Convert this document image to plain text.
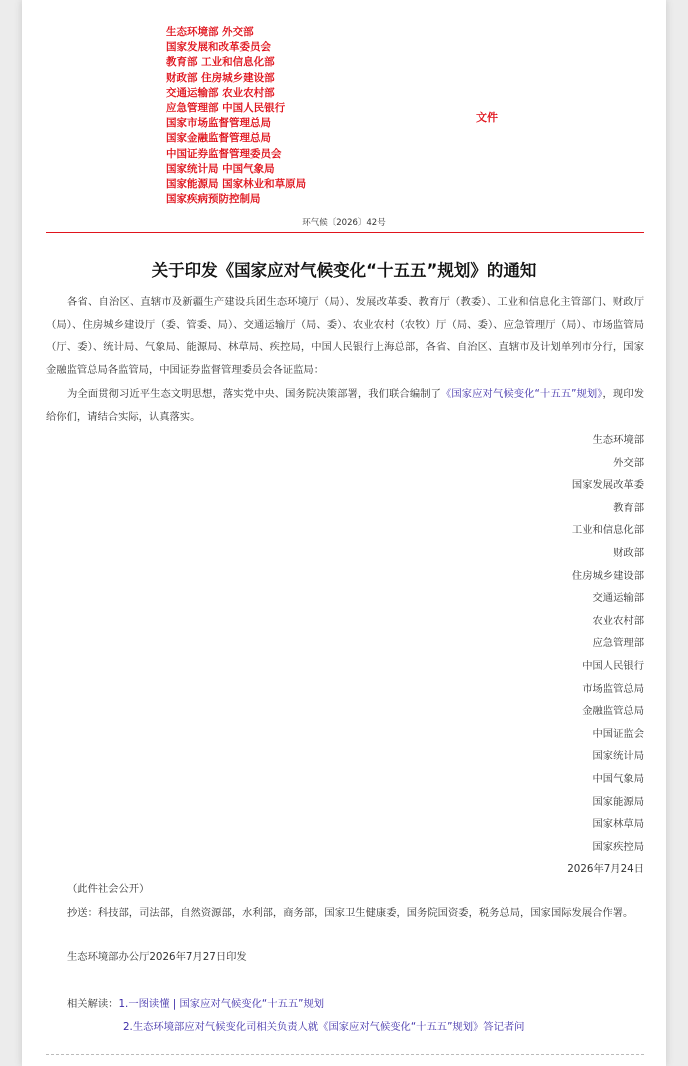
生态环境部 外交部
国家发展和改革委员会
教育部 工业和信息化部
财政部 住房城乡建设部
交通运输部 农业农村部
应急管理部 中国人民银行
国家市场监督管理总局
国家金融监督管理总局
中国证券监督管理委员会
国家统计局 中国气象局
国家能源局 国家林业和草原局
国家疾病预防控制局
文件
环气候〔2026〕42号
关于印发《国家应对气候变化“十五五”规划》的通知
各省、自治区、直辖市及新疆生产建设兵团生态环境厅（局）、发展改革委、教育厅（教委）、工业和信息化主管部门、财政厅（局）、住房城乡建设厅（委、管委、局）、交通运输厅（局、委）、农业农村（农牧）厅（局、委）、应急管理厅（局）、市场监管局（厅、委）、统计局、气象局、能源局、林草局、疾控局，中国人民银行上海总部，各省、自治区、直辖市及计划单列市分行，国家金融监管总局各监管局，中国证券监督管理委员会各证监局：
为全面贯彻习近平生态文明思想，落实党中央、国务院决策部署，我们联合编制了《国家应对气候变化“十五五”规划》，现印发给你们，请结合实际，认真落实。
生态环境部
外交部
国家发展改革委
教育部
工业和信息化部
财政部
住房城乡建设部
交通运输部
农业农村部
应急管理部
中国人民银行
市场监管总局
金融监管总局
中国证监会
国家统计局
中国气象局
国家能源局
国家林草局
国家疾控局
2026年7月24日
（此件社会公开）
抄送：科技部，司法部，自然资源部，水利部，商务部，国家卫生健康委，国务院国资委，税务总局，国家国际发展合作署。
生态环境部办公厅2026年7月27日印发
相关解读：1.一图读懂 | 国家应对气候变化“十五五”规划
2.生态环境部应对气候变化司相关负责人就《国家应对气候变化“十五五”规划》答记者问
